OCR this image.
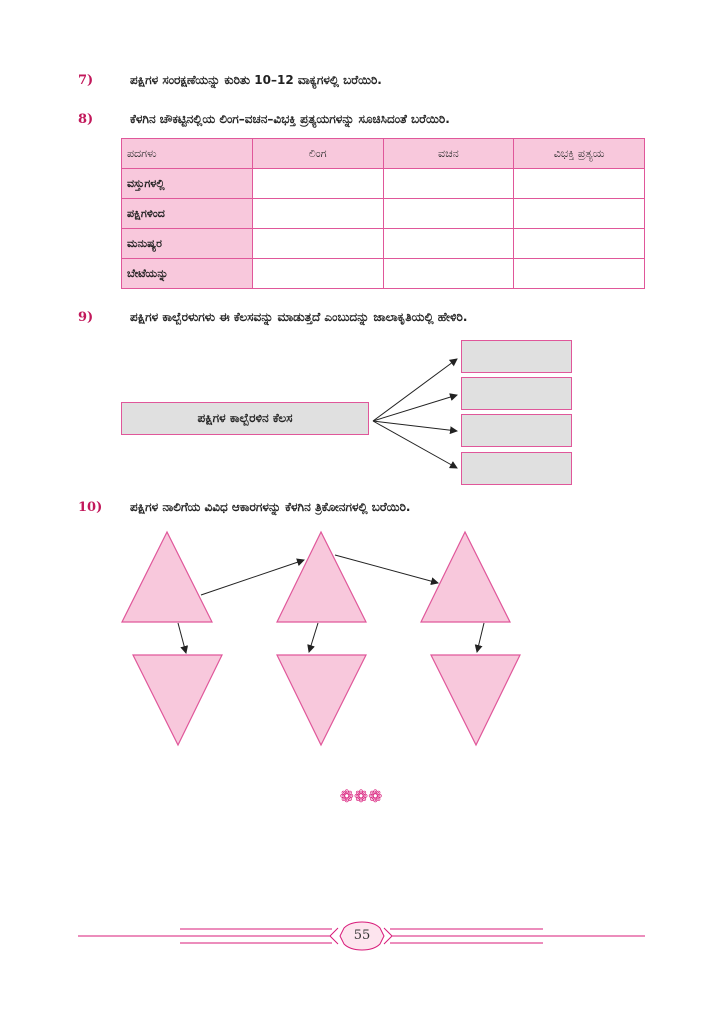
7)	ಪಕ್ಷಿಗಳ ಸಂರಕ್ಷಣೆಯನ್ನು ಕುರಿತು 10–12 ವಾಕ್ಯಗಳಲ್ಲಿ ಬರೆಯಿರಿ.
8)	ಕೆಳಗಿನ ಚೌಕಟ್ಟಿನಲ್ಲಿಯ ಲಿಂಗ–ವಚನ–ವಿಭಕ್ತಿ ಪ್ರತ್ಯಯಗಳನ್ನು ಸೂಚಿಸಿದಂತೆ ಬರೆಯಿರಿ.
ಪದಗಳು	ಲಿಂಗ	ವಚನ	ವಿಭಕ್ತಿ ಪ್ರತ್ಯಯ
ವಸ್ತುಗಳಲ್ಲಿ			
ಪಕ್ಷಿಗಳಿಂದ			
ಮನುಷ್ಯರ			
ಬೇಟೆಯನ್ನು			
9)	ಪಕ್ಷಿಗಳ ಕಾಲ್ಬೆರಳುಗಳು ಈ ಕೆಲಸವನ್ನು ಮಾಡುತ್ತದೆ ಎಂಬುದನ್ನು ಜಾಲಾಕೃತಿಯಲ್ಲಿ ಹೇಳಿರಿ.
ಪಕ್ಷಿಗಳ ಕಾಲ್ಬೆರಳಿನ ಕೆಲಸ
10) ಪಕ್ಷಿಗಳ ನಾಲಿಗೆಯ ವಿವಿಧ ಆಕಾರಗಳನ್ನು ಕೆಳಗಿನ ತ್ರಿಕೋನಗಳಲ್ಲಿ ಬರೆಯಿರಿ.
❁❁❁
55
